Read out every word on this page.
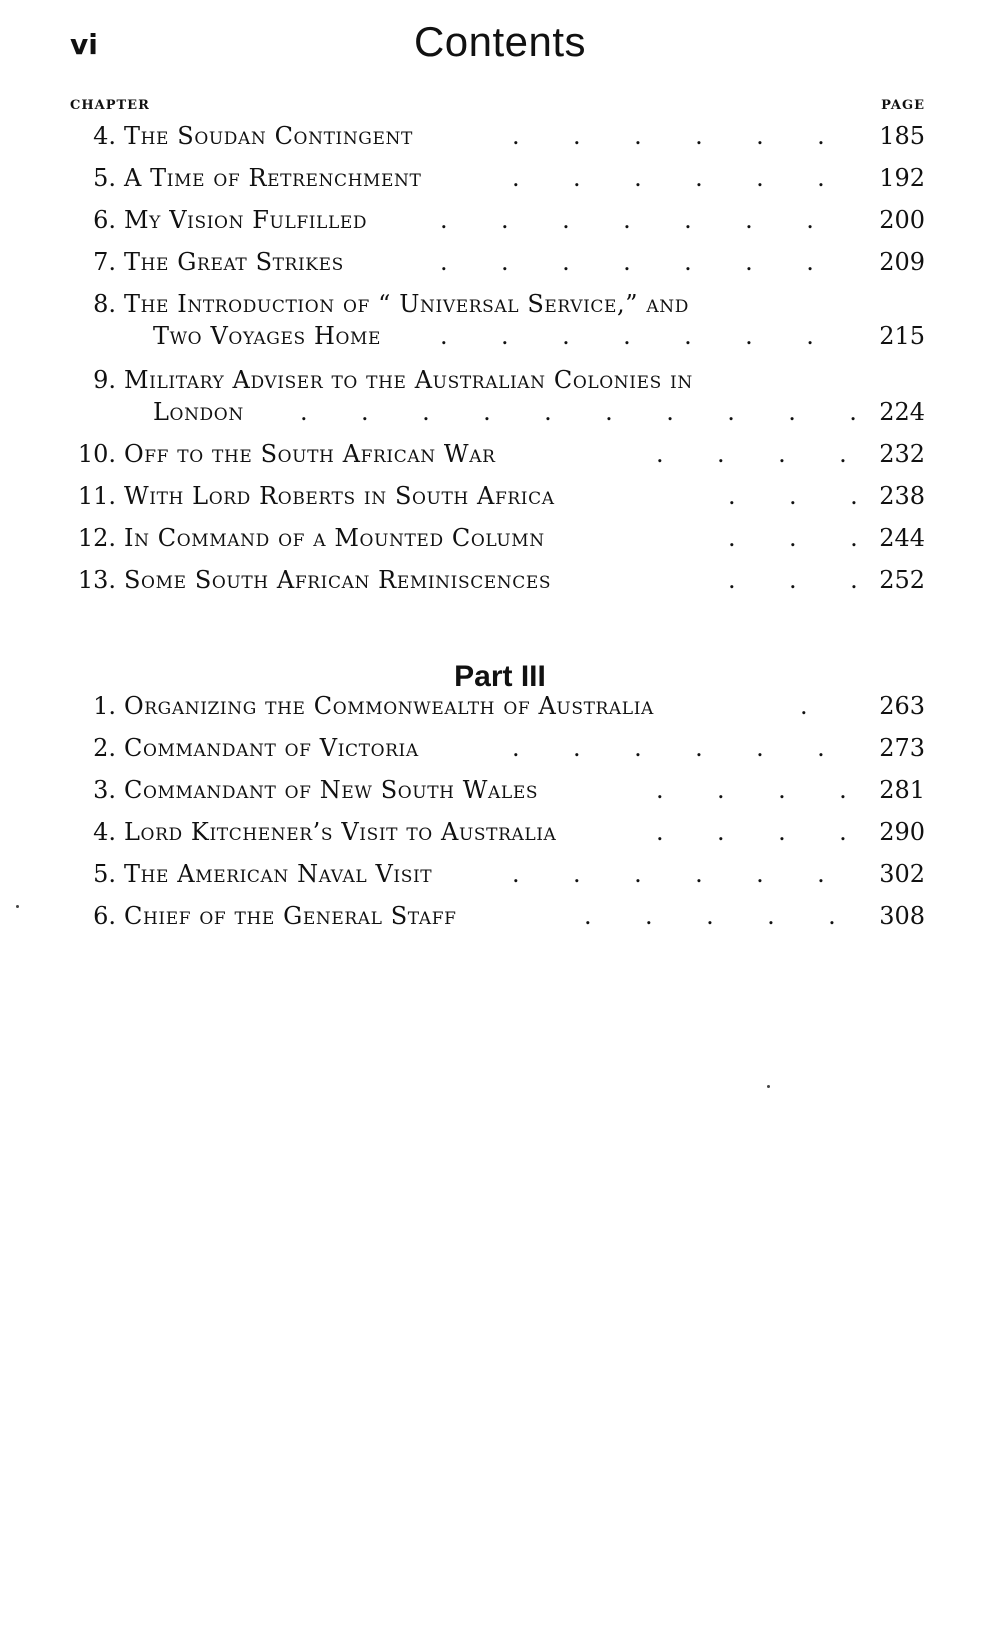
vi	Contents
CHAPTER	PAGE
4. The Soudan Contingent	.       .       .       .       .       . 185
5. A Time of Retrenchment	.       .       .       .       .       . 192
6. My Vision Fulfilled	.       .       .       .       .       .       .	200
7. The Great Strikes	.       .       .       .       .       .       .	209
8. The Introduction of “ Universal Service,” and
Two Voyages Home .       .       .       .       .       .       .	215
9. Military Adviser to the Australian Colonies in
London .       .       .       .       .       .       .       .       .       . 224
10. Off to the South African War	.       .       .       . 232
11. With Lord Roberts in South Africa	.       .       . 238
12. In Command of a Mounted Column	.       .       . 244
13. Some South African Reminiscences	.       .       . 252
Part III
1. Organizing the Commonwealth of Australia	.	263
2. Commandant of Victoria	.       .       .       .       .       . 273
3. Commandant of New South Wales	.       .       .       . 281
4. Lord Kitchener’s Visit to Australia	.       .       .       . 290
5. The American Naval Visit	.       .       .       .       .       . 302
6. Chief of the General Staff	.       .       .       .       . 308
